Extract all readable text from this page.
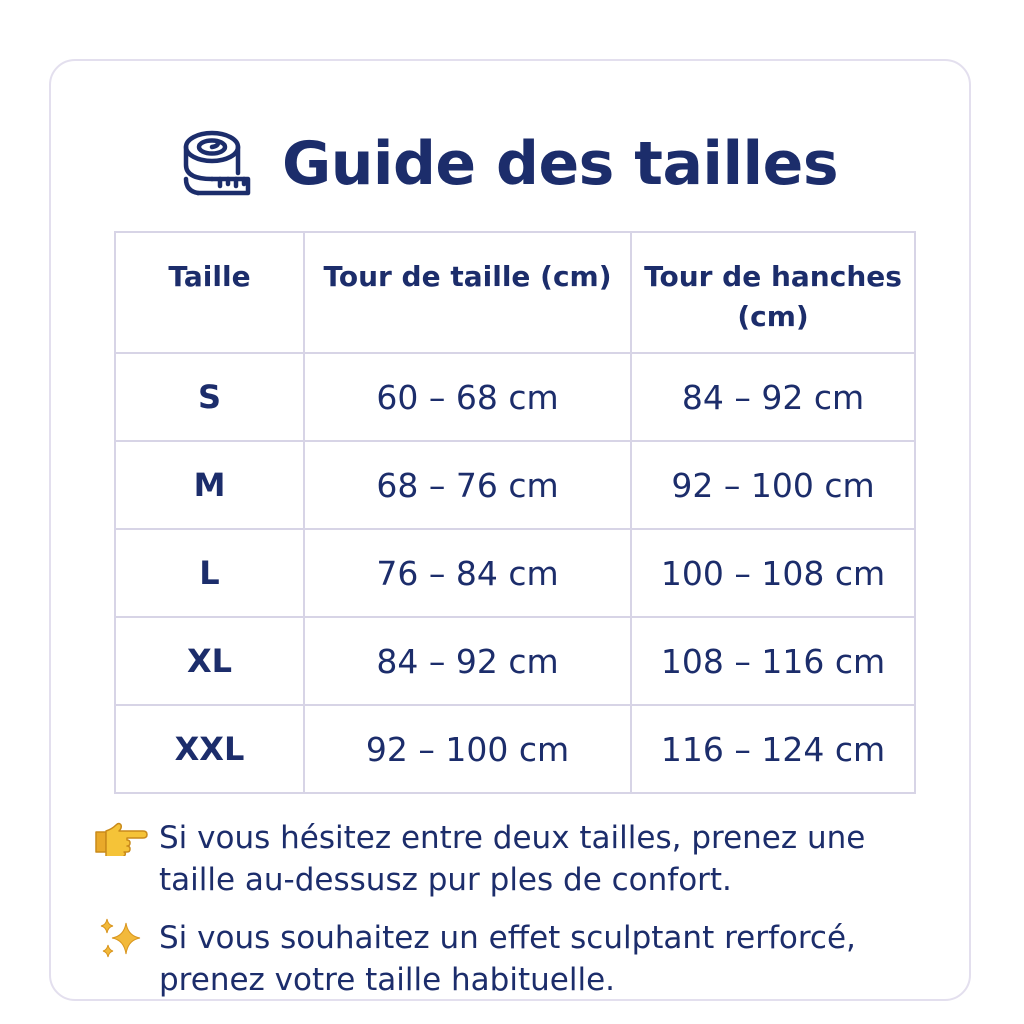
Guide des tailles
Taille	Tour de taille (cm)	Tour de hanches (cm)
S	60 – 68 cm	84 – 92 cm
M	68 – 76 cm	92 – 100 cm
L	76 – 84 cm	100 – 108 cm
XL	84 – 92 cm	108 – 116 cm
XXL	92 – 100 cm	116 – 124 cm
Si vous hésitez entre deux tailles, prenez une taille au-dessusz pur ples de confort.
Si vous souhaitez un effet sculptant rerforcé, prenez votre taille habituelle.
